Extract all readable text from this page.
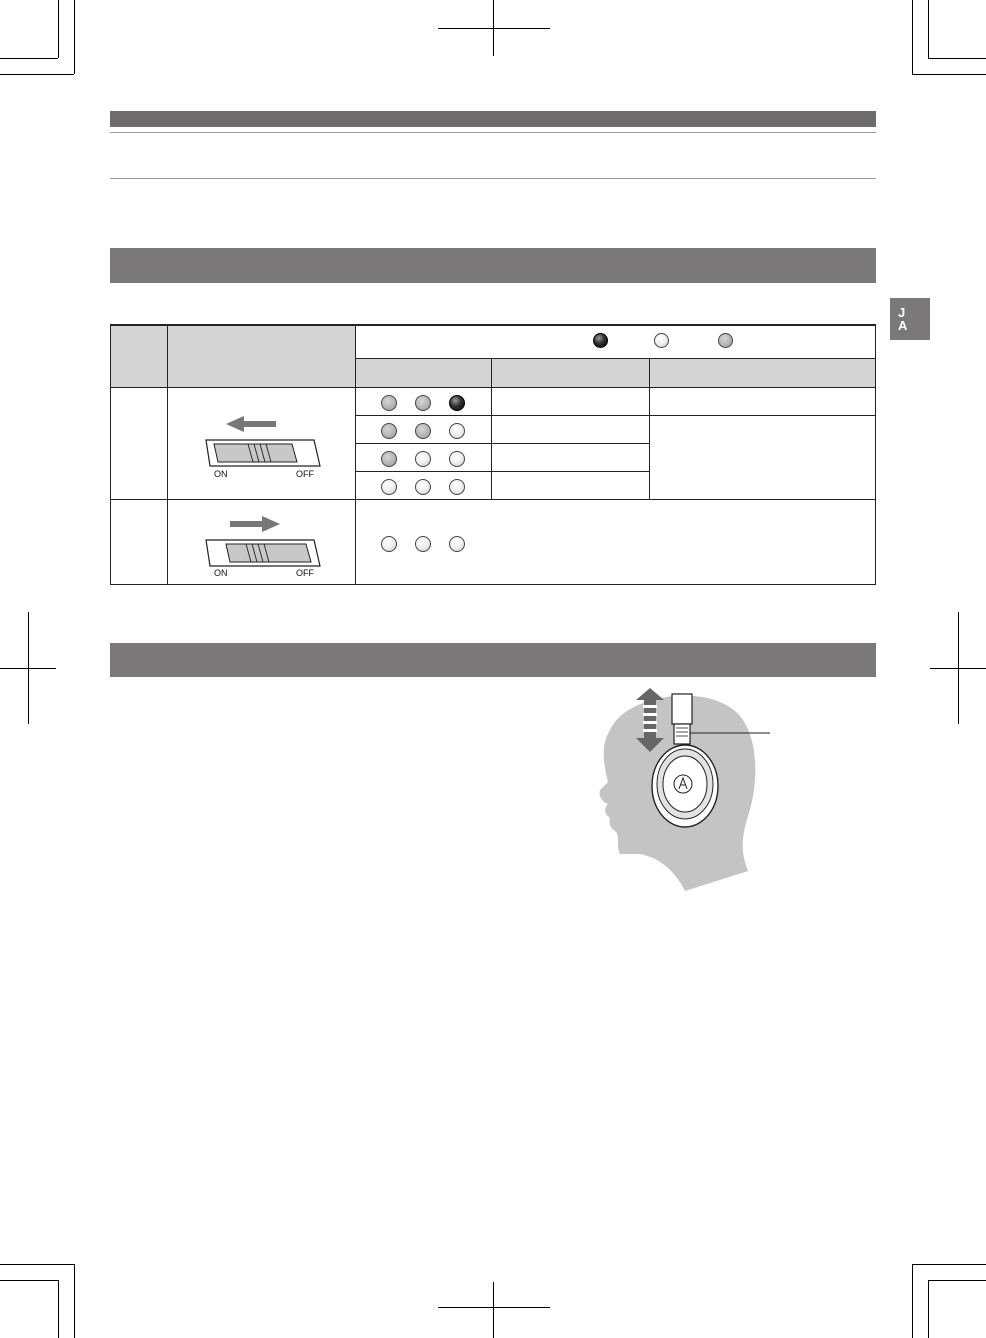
J
A
ON	OFF
ON	OFF
